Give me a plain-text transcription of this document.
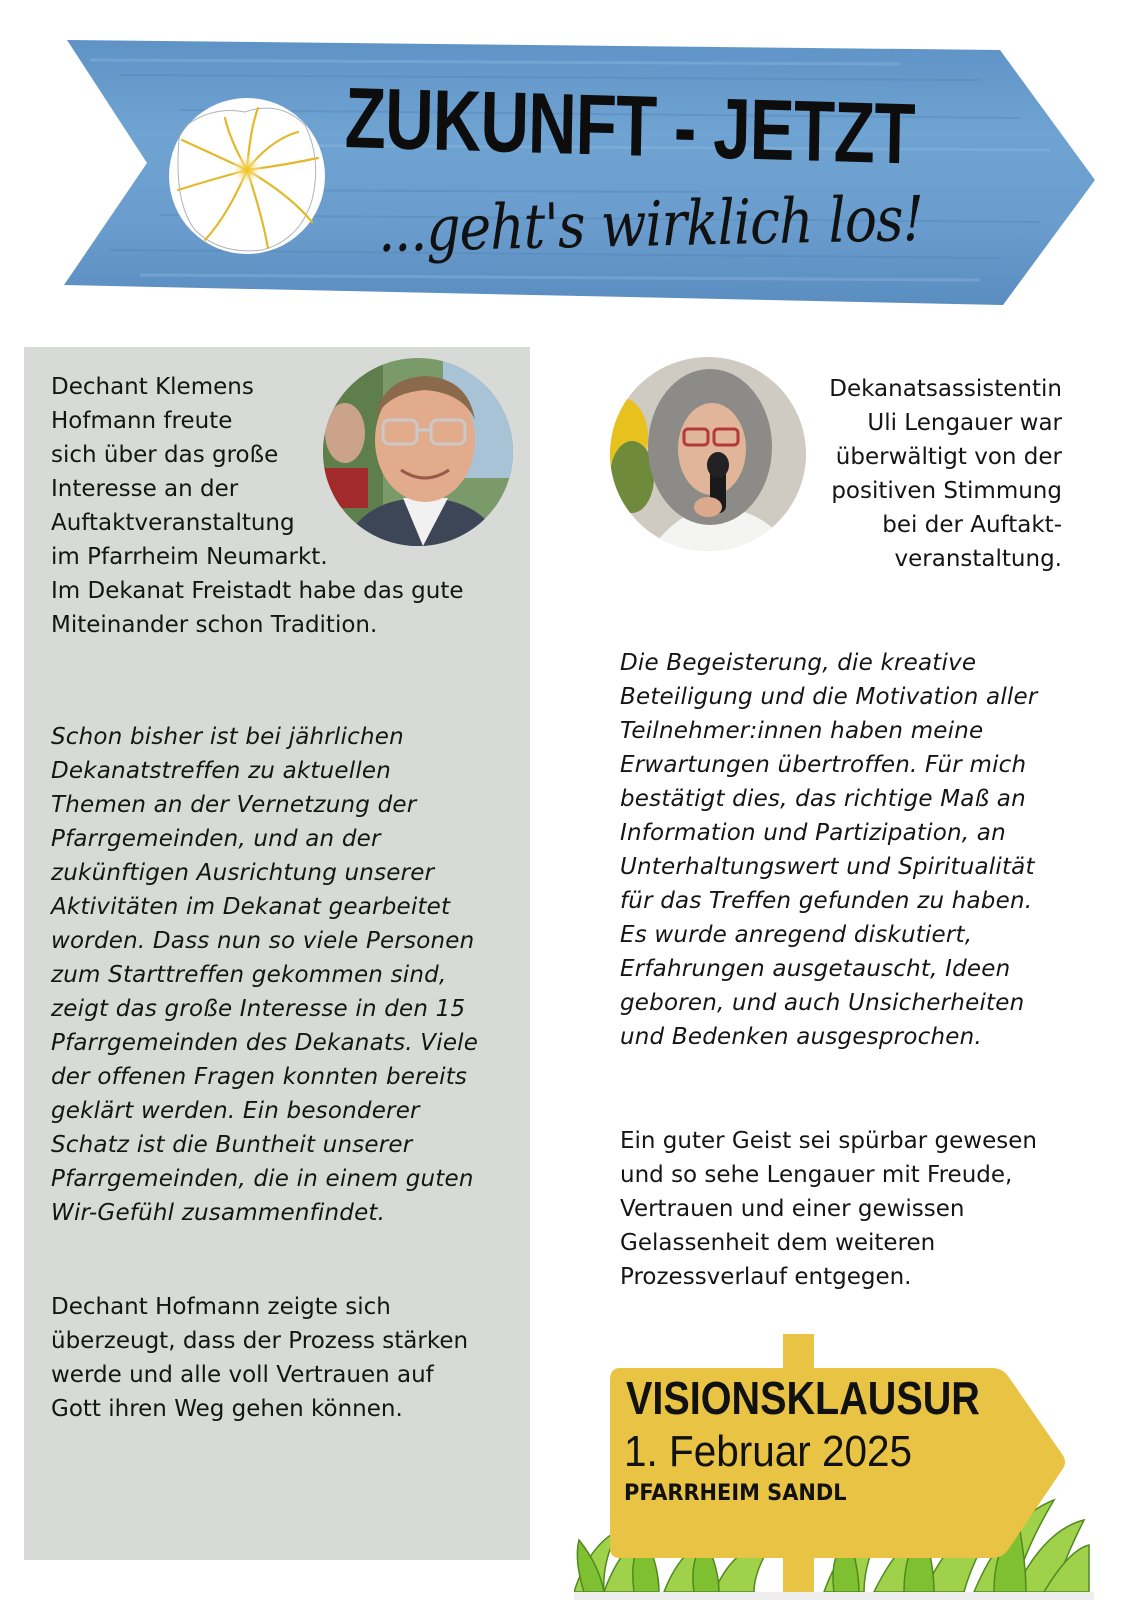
ZUKUNFT - JETZT
...geht's wirklich los!
Dechant Klemens
Hofmann freute
sich über das große
Interesse an der
Auftaktveranstaltung
im Pfarrheim Neumarkt.
Im Dekanat Freistadt habe das gute
Miteinander schon Tradition.
Schon bisher ist bei jährlichen
Dekanatstreffen zu aktuellen
Themen an der Vernetzung der
Pfarrgemeinden, und an der
zukünftigen Ausrichtung unserer
Aktivitäten im Dekanat gearbeitet
worden. Dass nun so viele Personen
zum Starttreffen gekommen sind,
zeigt das große Interesse in den 15
Pfarrgemeinden des Dekanats. Viele
der offenen Fragen konnten bereits
geklärt werden. Ein besonderer
Schatz ist die Buntheit unserer
Pfarrgemeinden, die in einem guten
Wir-Gefühl zusammenfindet.
Dechant Hofmann zeigte sich
überzeugt, dass der Prozess stärken
werde und alle voll Vertrauen auf
Gott ihren Weg gehen können.
Dekanatsassistentin
Uli Lengauer war
überwältigt von der
positiven Stimmung
bei der Auftakt-
veranstaltung.
Die Begeisterung, die kreative
Beteiligung und die Motivation aller
Teilnehmer:innen haben meine
Erwartungen übertroffen. Für mich
bestätigt dies, das richtige Maß an
Information und Partizipation, an
Unterhaltungswert und Spiritualität
für das Treffen gefunden zu haben.
Es wurde anregend diskutiert,
Erfahrungen ausgetauscht, Ideen
geboren, und auch Unsicherheiten
und Bedenken ausgesprochen.
Ein guter Geist sei spürbar gewesen
und so sehe Lengauer mit Freude,
Vertrauen und einer gewissen
Gelassenheit dem weiteren
Prozessverlauf entgegen.
VISIONSKLAUSUR
1. Februar 2025
PFARRHEIM SANDL
